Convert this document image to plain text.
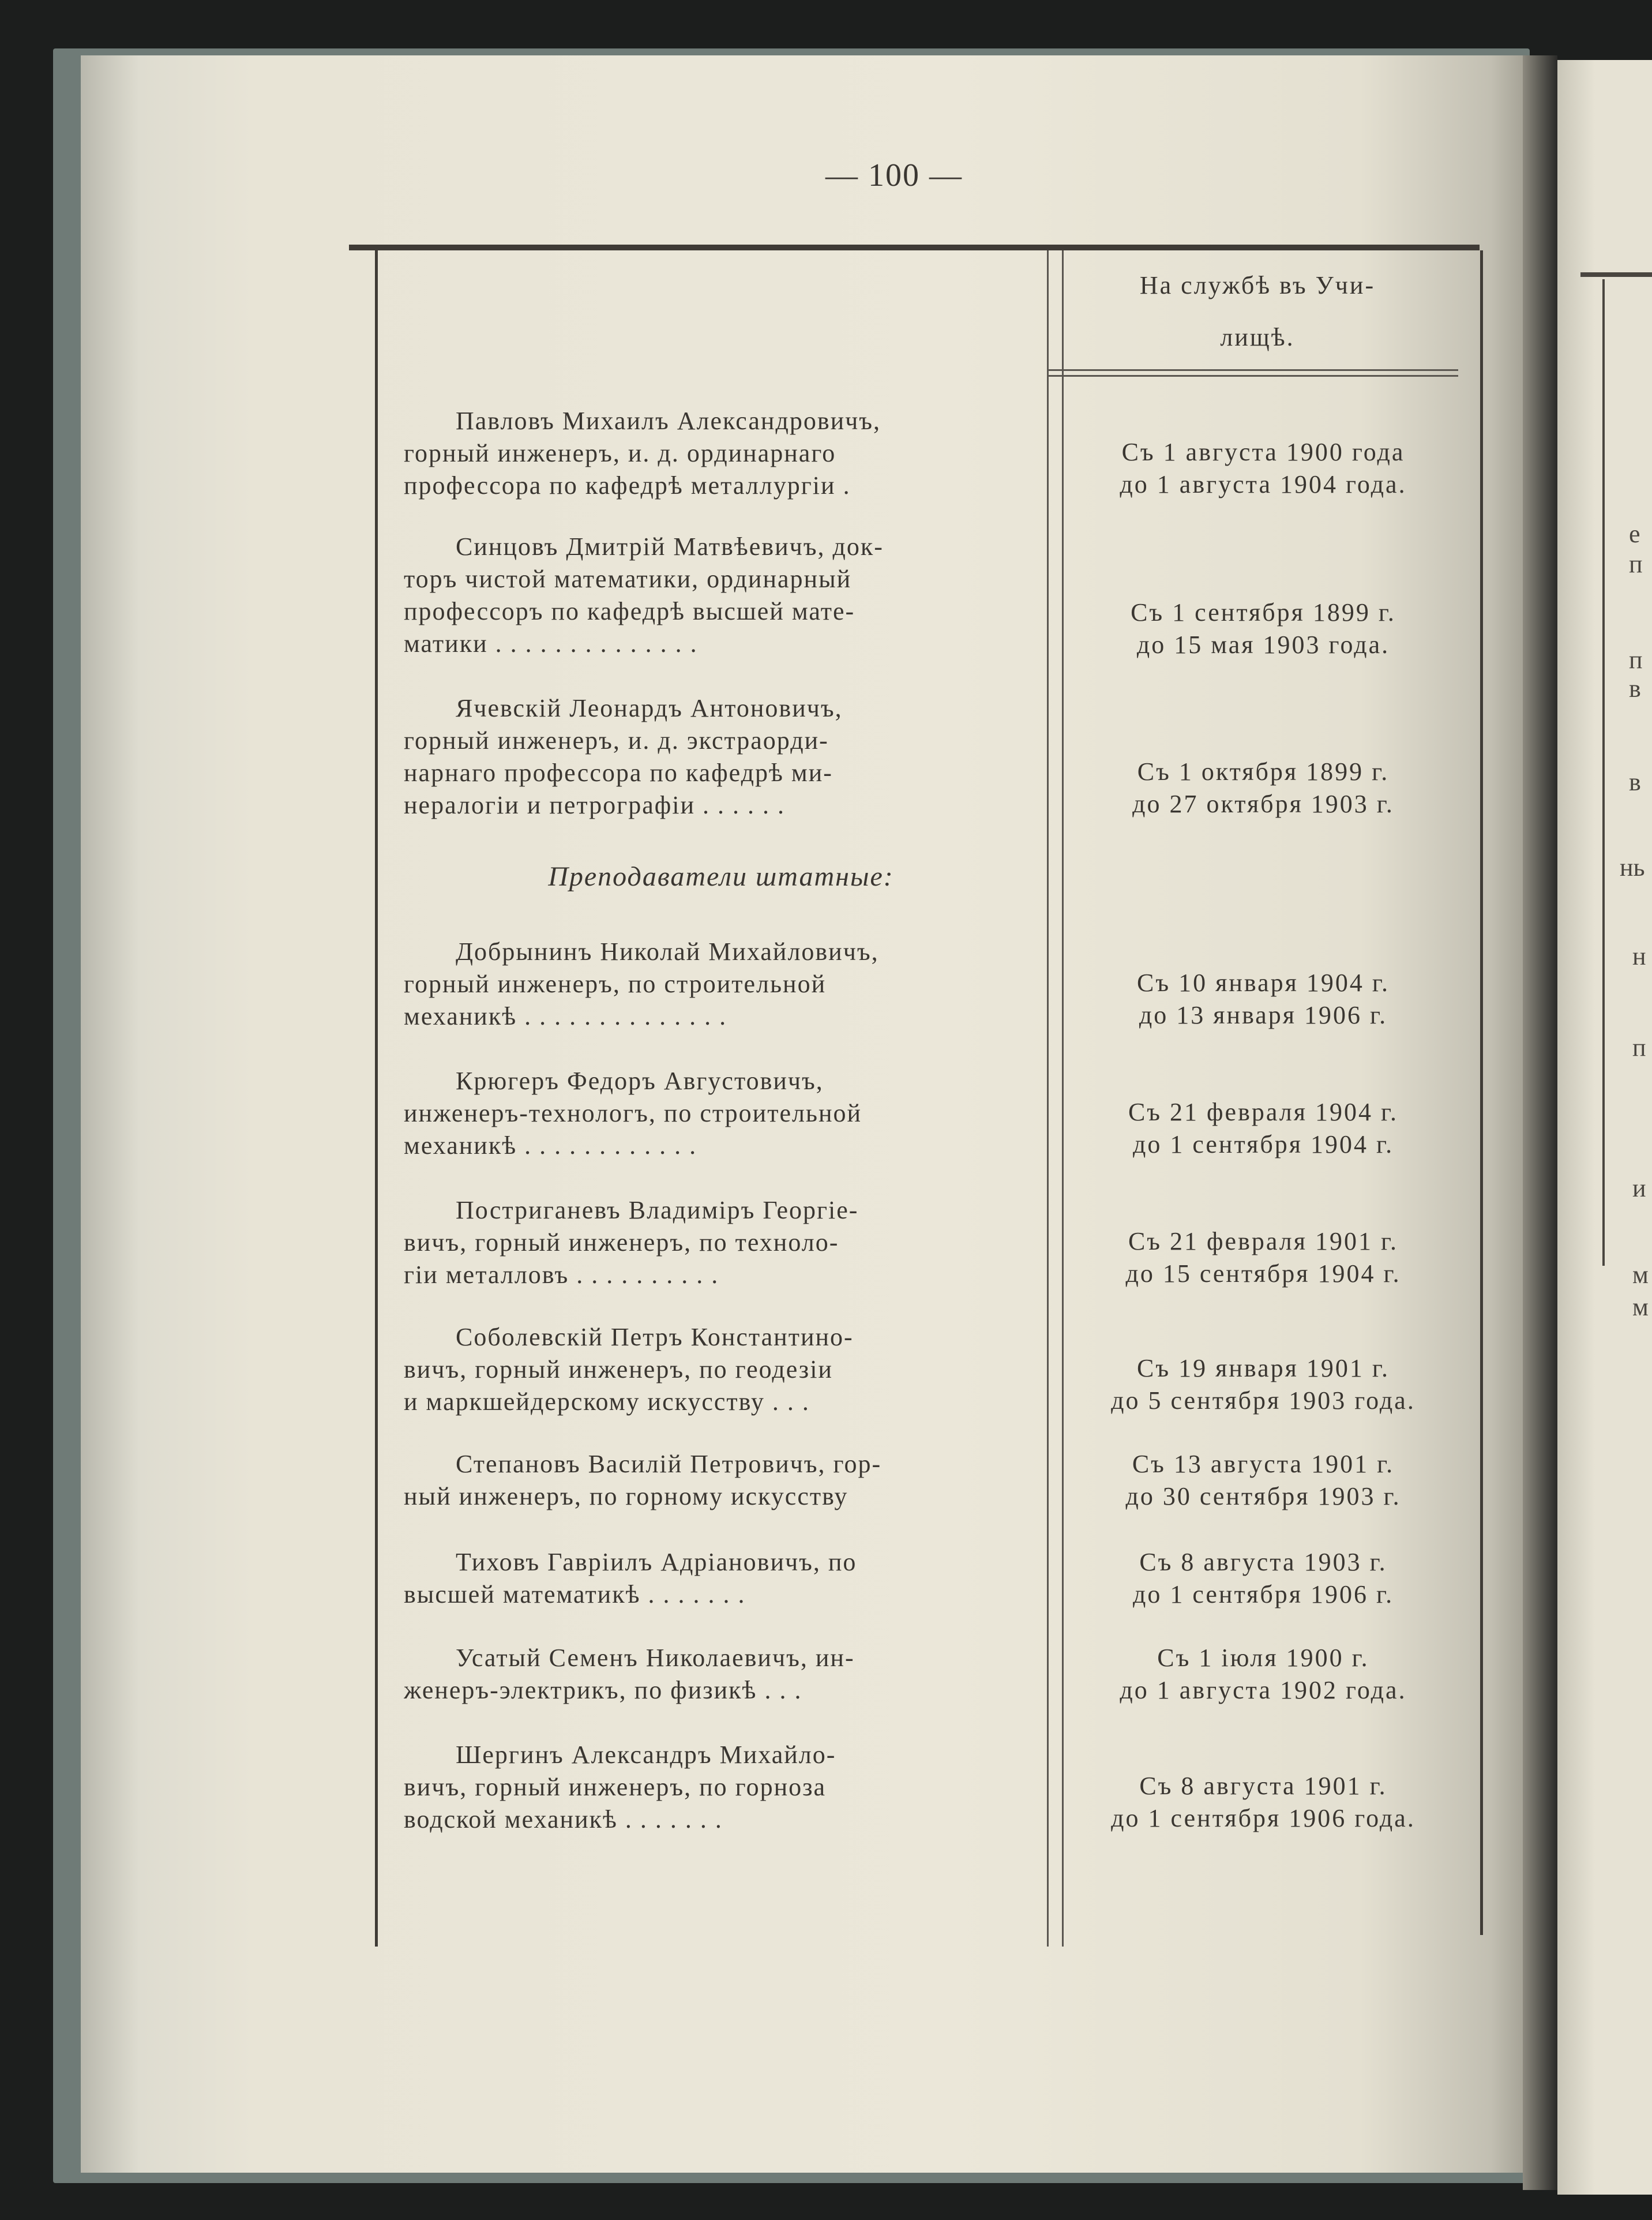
е
п
п
в
в
нь
н
п
и
м
м
— 100 —
На службѣ въ Учи-
лищѣ.
Павловъ Михаилъ Александровичъ,
горный инженеръ, и. д. ординарнаго
профессора по кафедрѣ металлургіи .
Съ 1 августа 1900 года
до 1 августа 1904 года.
Синцовъ Дмитрій Матвѣевичъ, док-
торъ чистой математики, ординарный
профессоръ по кафедрѣ высшей мате-
матики . . . . . . . . . . . . . .
Съ 1 сентября 1899 г.
до 15 мая 1903 года.
Ячевскій Леонардъ Антоновичъ,
горный инженеръ, и. д. экстраорди-
нарнаго профессора по кафедрѣ ми-
нералогіи и петрографіи . . . . . .
Съ 1 октября 1899 г.
до 27 октября 1903 г.
Преподаватели штатные:
Добрынинъ Николай Михайловичъ,
горный инженеръ, по строительной
механикѣ . . . . . . . . . . . . . .
Съ 10 января 1904 г.
до 13 января 1906 г.
Крюгеръ Федоръ Августовичъ,
инженеръ-технологъ, по строительной
механикѣ . . . . . . . . . . . .
Съ 21 февраля 1904 г.
до 1 сентября 1904 г.
Постриганевъ Владиміръ Георгіе-
вичъ, горный инженеръ, по техноло-
гіи металловъ . . . . . . . . . .
Съ 21 февраля 1901 г.
до 15 сентября 1904 г.
Соболевскій Петръ Константино-
вичъ, горный инженеръ, по геодезіи
и маркшейдерскому искусству . . .
Съ 19 января 1901 г.
до 5 сентября 1903 года.
Степановъ Василій Петровичъ, гор-
ный инженеръ, по горному искусству
Съ 13 августа 1901 г.
до 30 сентября 1903 г.
Тиховъ Гавріилъ Адріановичъ, по
высшей математикѣ . . . . . . .
Съ 8 августа 1903 г.
до 1 сентября 1906 г.
Усатый Семенъ Николаевичъ, ин-
женеръ-электрикъ, по физикѣ . . .
Съ 1 іюля 1900 г.
до 1 августа 1902 года.
Шергинъ Александръ Михайло-
вичъ, горный инженеръ, по горноза
водской механикѣ . . . . . . .
Съ 8 августа 1901 г.
до 1 сентября 1906 года.
